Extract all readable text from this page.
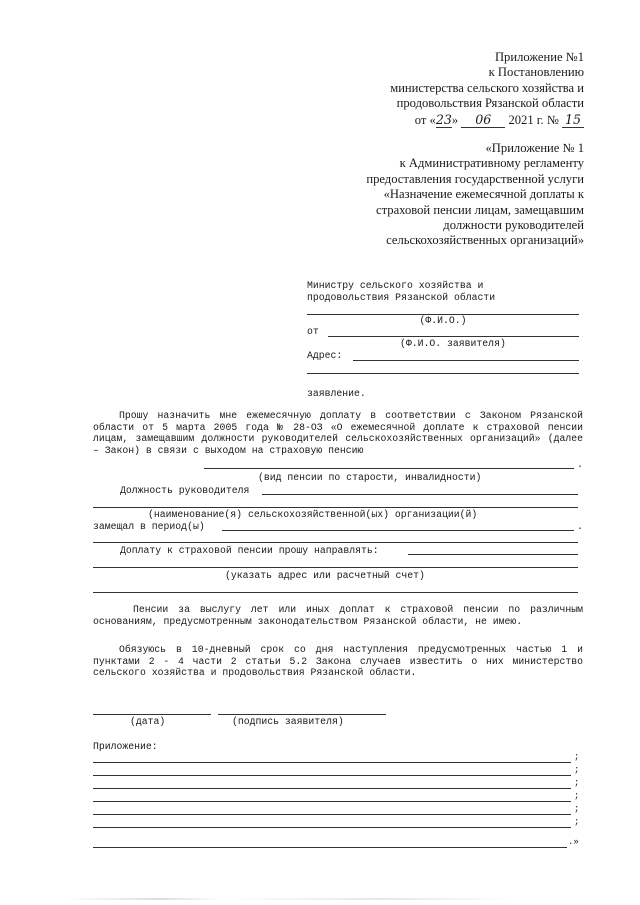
Приложение №1
к Постановлению
министерства сельского хозяйства и
продовольствия Рязанской области
от «23» 06 2021 г. № 15
«Приложение № 1
к Административному регламенту
предоставления государственной услуги
«Назначение ежемесячной доплаты к
страховой пенсии лицам, замещавшим
должности руководителей
сельскохозяйственных организаций»
Министру сельского хозяйства и
продовольствия Рязанской области
(Ф.И.О.)
от
(Ф.И.О. заявителя)
Адрес:
заявление.
Прошу назначить мне ежемесячную доплату в соответствии с Законом Рязанской области от 5 марта 2005 года № 28-ОЗ «О ежемесячной доплате к страховой пенсии лицам, замещавшим должности руководителей сельскохозяйственных организаций» (далее – Закон) в связи с выходом на страховую пенсию
.
(вид пенсии по старости, инвалидности)
Должность руководителя
(наименование(я) сельскохозяйственной(ых) организации(й)
замещал в период(ы)	.
Доплату к страховой пенсии прошу направлять:
(указать адрес или расчетный счет)
Пенсии за выслугу лет или иных доплат к страховой пенсии по различным основаниям, предусмотренным законодательством Рязанской области, не имею.
Обязуюсь в 10-дневный срок со дня наступления предусмотренных частью 1 и пунктами 2 - 4 части 2 статьи 5.2 Закона случаев известить о них министерство сельского хозяйства и продовольствия Рязанской области.
(дата)	(подпись заявителя)
Приложение:
;
;
;
;
;
;
.»
